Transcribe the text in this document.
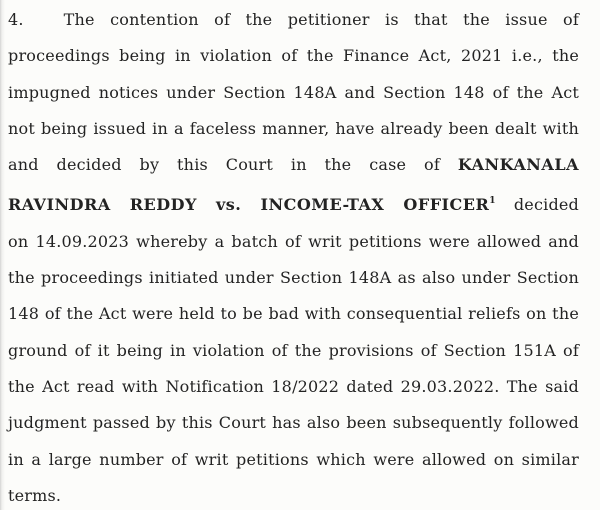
4.	The contention of the petitioner is that the issue of
proceedings being in violation of the Finance Act, 2021 i.e., the
impugned notices under Section 148A and Section 148 of the Act
not being issued in a faceless manner, have already been dealt with
and decided by this Court in the case of KANKANALA
RAVINDRA REDDY vs. INCOME-TAX OFFICER$^1$ decided
on 14.09.2023 whereby a batch of writ petitions were allowed and
the proceedings initiated under Section 148A as also under Section
148 of the Act were held to be bad with consequential reliefs on the
ground of it being in violation of the provisions of Section 151A of
the Act read with Notification 18/2022 dated 29.03.2022. The said
judgment passed by this Court has also been subsequently followed
in a large number of writ petitions which were allowed on similar
terms.
